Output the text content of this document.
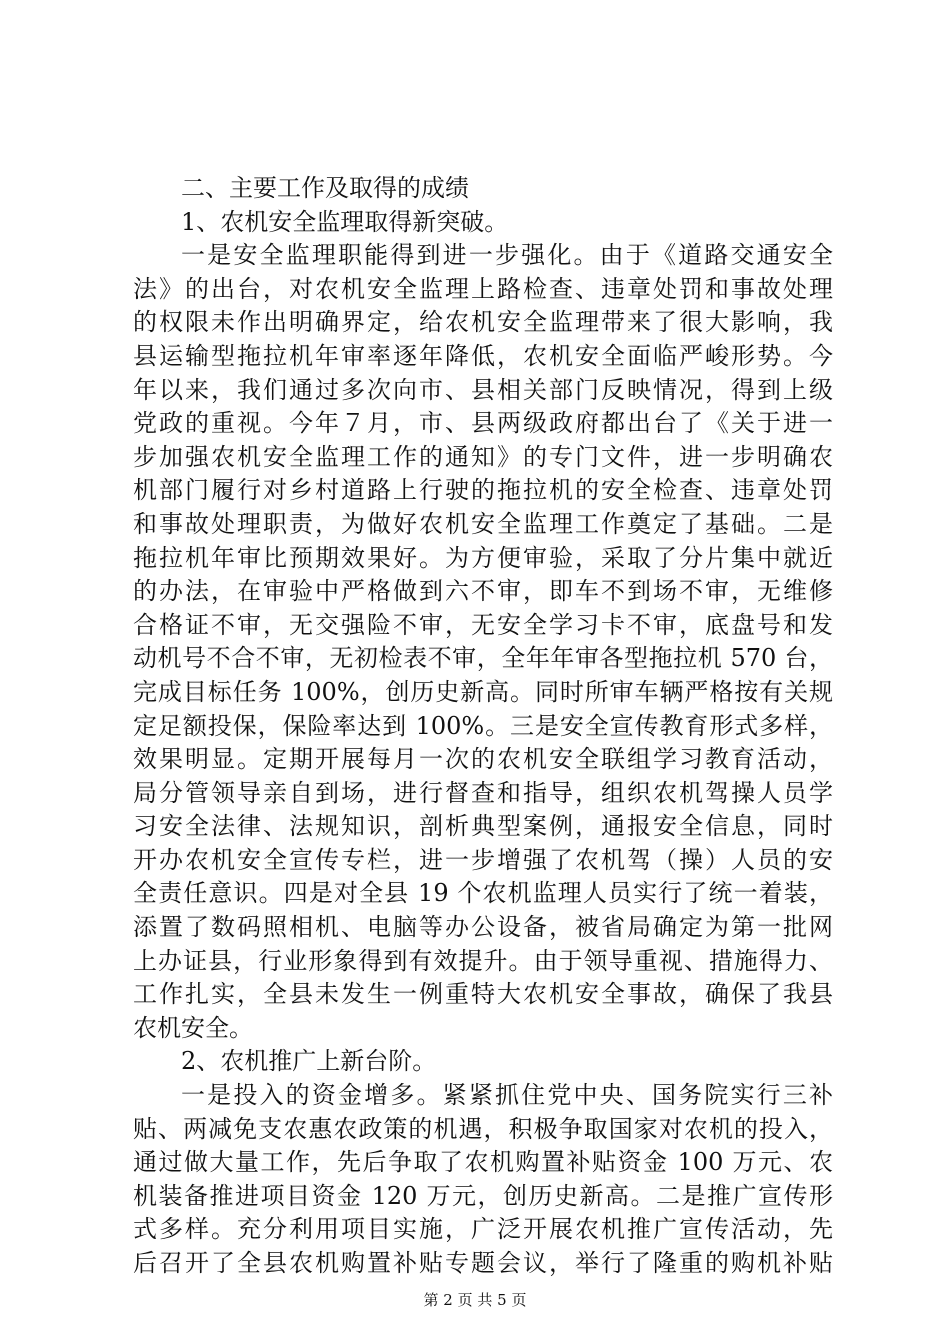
二、主要工作及取得的成绩
1、农机安全监理取得新突破。
一是安全监理职能得到进一步强化。由于《道路交通安全
法》的出台，对农机安全监理上路检查、违章处罚和事故处理
的权限未作出明确界定，给农机安全监理带来了很大影响，我
县运输型拖拉机年审率逐年降低，农机安全面临严峻形势。今
年以来，我们通过多次向市、县相关部门反映情况，得到上级
党政的重视。今年７月，市、县两级政府都出台了《关于进一
步加强农机安全监理工作的通知》的专门文件，进一步明确农
机部门履行对乡村道路上行驶的拖拉机的安全检查、违章处罚
和事故处理职责，为做好农机安全监理工作奠定了基础。二是
拖拉机年审比预期效果好。为方便审验，采取了分片集中就近
的办法，在审验中严格做到六不审，即车不到场不审，无维修
合格证不审，无交强险不审，无安全学习卡不审，底盘号和发
动机号不合不审，无初检表不审，全年年审各型拖拉机 570 台，
完成目标任务 100%，创历史新高。同时所审车辆严格按有关规
定足额投保，保险率达到 100%。三是安全宣传教育形式多样，
效果明显。定期开展每月一次的农机安全联组学习教育活动，
局分管领导亲自到场，进行督查和指导，组织农机驾操人员学
习安全法律、法规知识，剖析典型案例，通报安全信息，同时
开办农机安全宣传专栏，进一步增强了农机驾（操）人员的安
全责任意识。四是对全县 19 个农机监理人员实行了统一着装，
添置了数码照相机、电脑等办公设备，被省局确定为第一批网
上办证县，行业形象得到有效提升。由于领导重视、措施得力、
工作扎实，全县未发生一例重特大农机安全事故，确保了我县
农机安全。
2、农机推广上新台阶。
一是投入的资金增多。紧紧抓住党中央、国务院实行三补
贴、两减免支农惠农政策的机遇，积极争取国家对农机的投入，
通过做大量工作，先后争取了农机购置补贴资金 100 万元、农
机装备推进项目资金 120 万元，创历史新高。二是推广宣传形
式多样。充分利用项目实施，广泛开展农机推广宣传活动，先
后召开了全县农机购置补贴专题会议，举行了隆重的购机补贴
第 2 页 共 5 页
